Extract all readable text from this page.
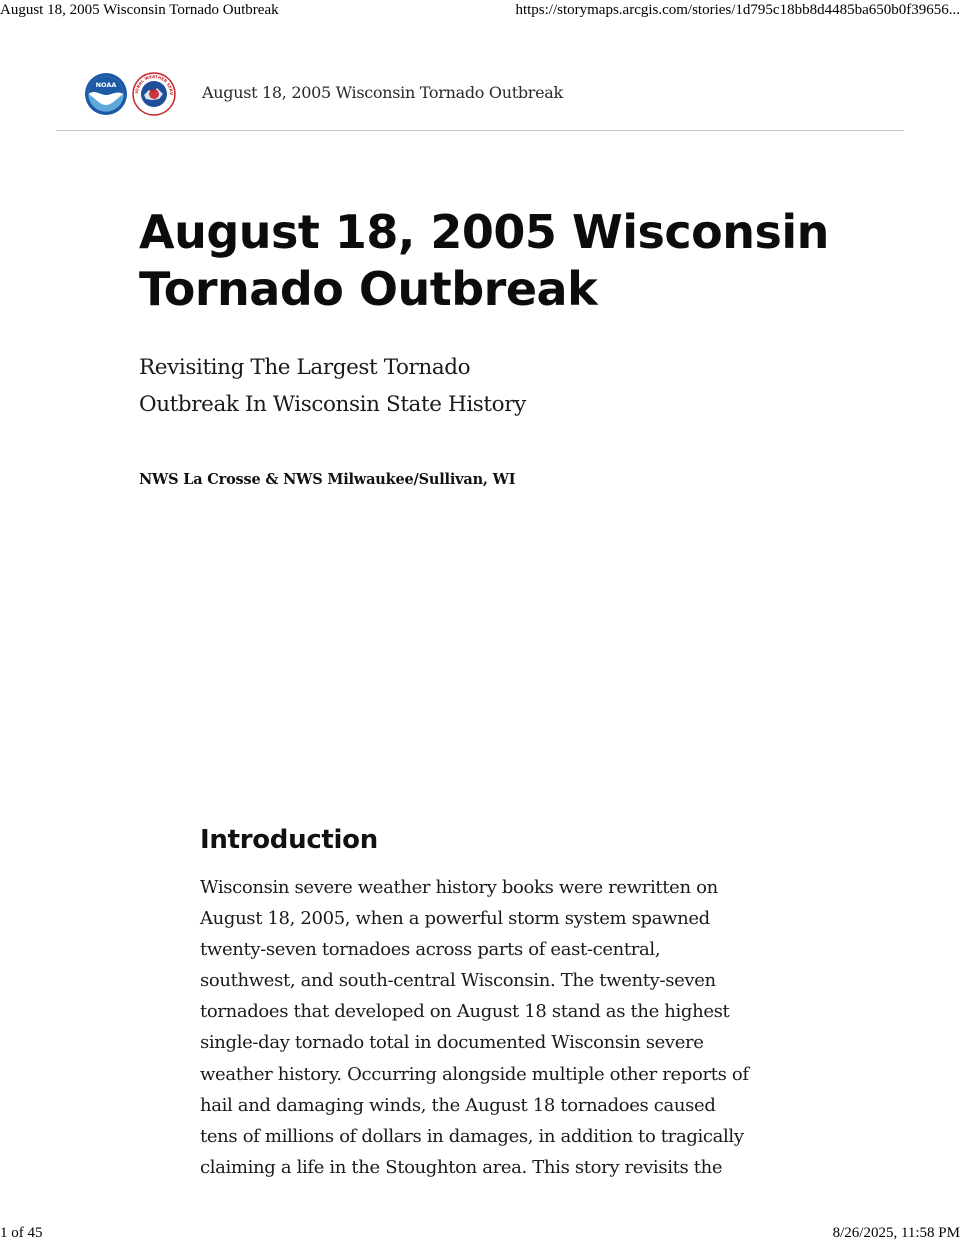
August 18, 2005 Wisconsin Tornado Outbreak	https://storymaps.arcgis.com/stories/1d795c18bb8d4485ba650b0f39656...
NOAA
IONAL WEATHER SERV August 18, 2005 Wisconsin Tornado Outbreak
August 18, 2005 Wisconsin
Tornado Outbreak
Revisiting The Largest Tornado
Outbreak In Wisconsin State History
NWS La Crosse & NWS Milwaukee/Sullivan, WI
Introduction

Wisconsin severe weather history books were rewritten on
August 18, 2005, when a powerful storm system spawned
twenty-seven tornadoes across parts of east-central,
southwest, and south-central Wisconsin. The twenty-seven
tornadoes that developed on August 18 stand as the highest
single-day tornado total in documented Wisconsin severe
weather history. Occurring alongside multiple other reports of
hail and damaging winds, the August 18 tornadoes caused
tens of millions of dollars in damages, in addition to tragically
claiming a life in the Stoughton area. This story revisits the

1 of 45	8/26/2025, 11:58 PM
